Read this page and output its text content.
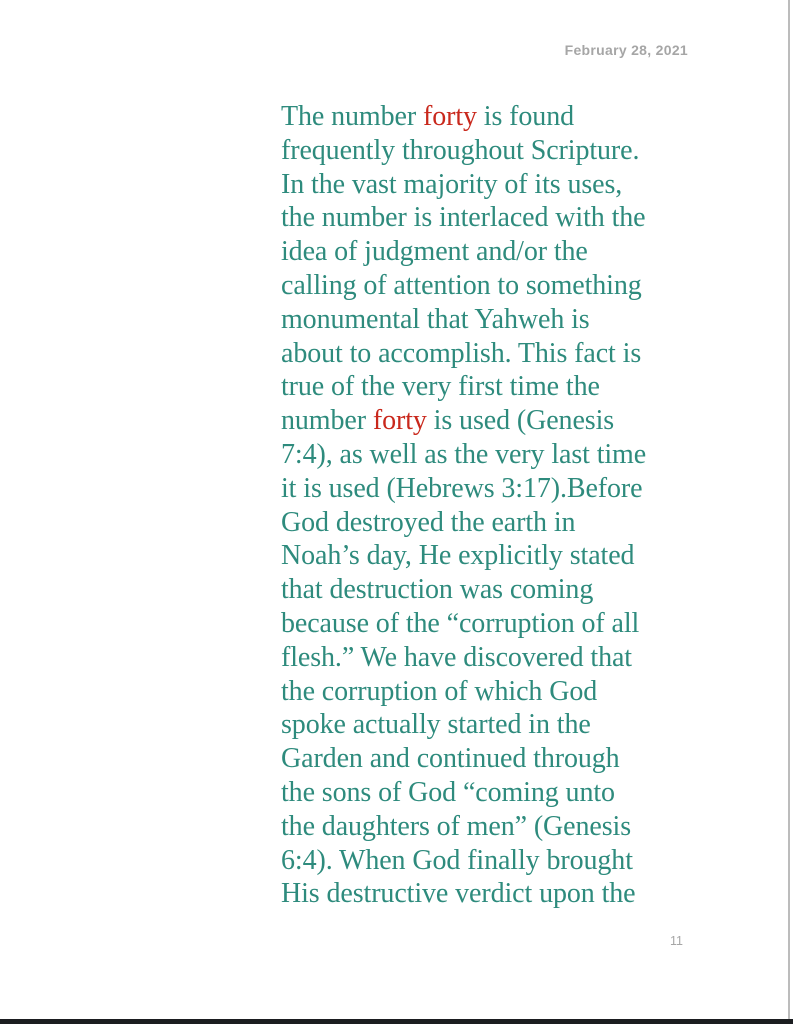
February 28, 2021
The number forty is found
frequently throughout Scripture.
In the vast majority of its uses,
the number is interlaced with the
idea of judgment and/or the
calling of attention to something
monumental that Yahweh is
about to accomplish. This fact is
true of the very first time the
number forty is used (Genesis
7:4), as well as the very last time
it is used (Hebrews 3:17).Before
God destroyed the earth in
Noah’s day, He explicitly stated
that destruction was coming
because of the “corruption of all
flesh.” We have discovered that
the corruption of which God
spoke actually started in the
Garden and continued through
the sons of God “coming unto
the daughters of men” (Genesis
6:4). When God finally brought
His destructive verdict upon the
11
